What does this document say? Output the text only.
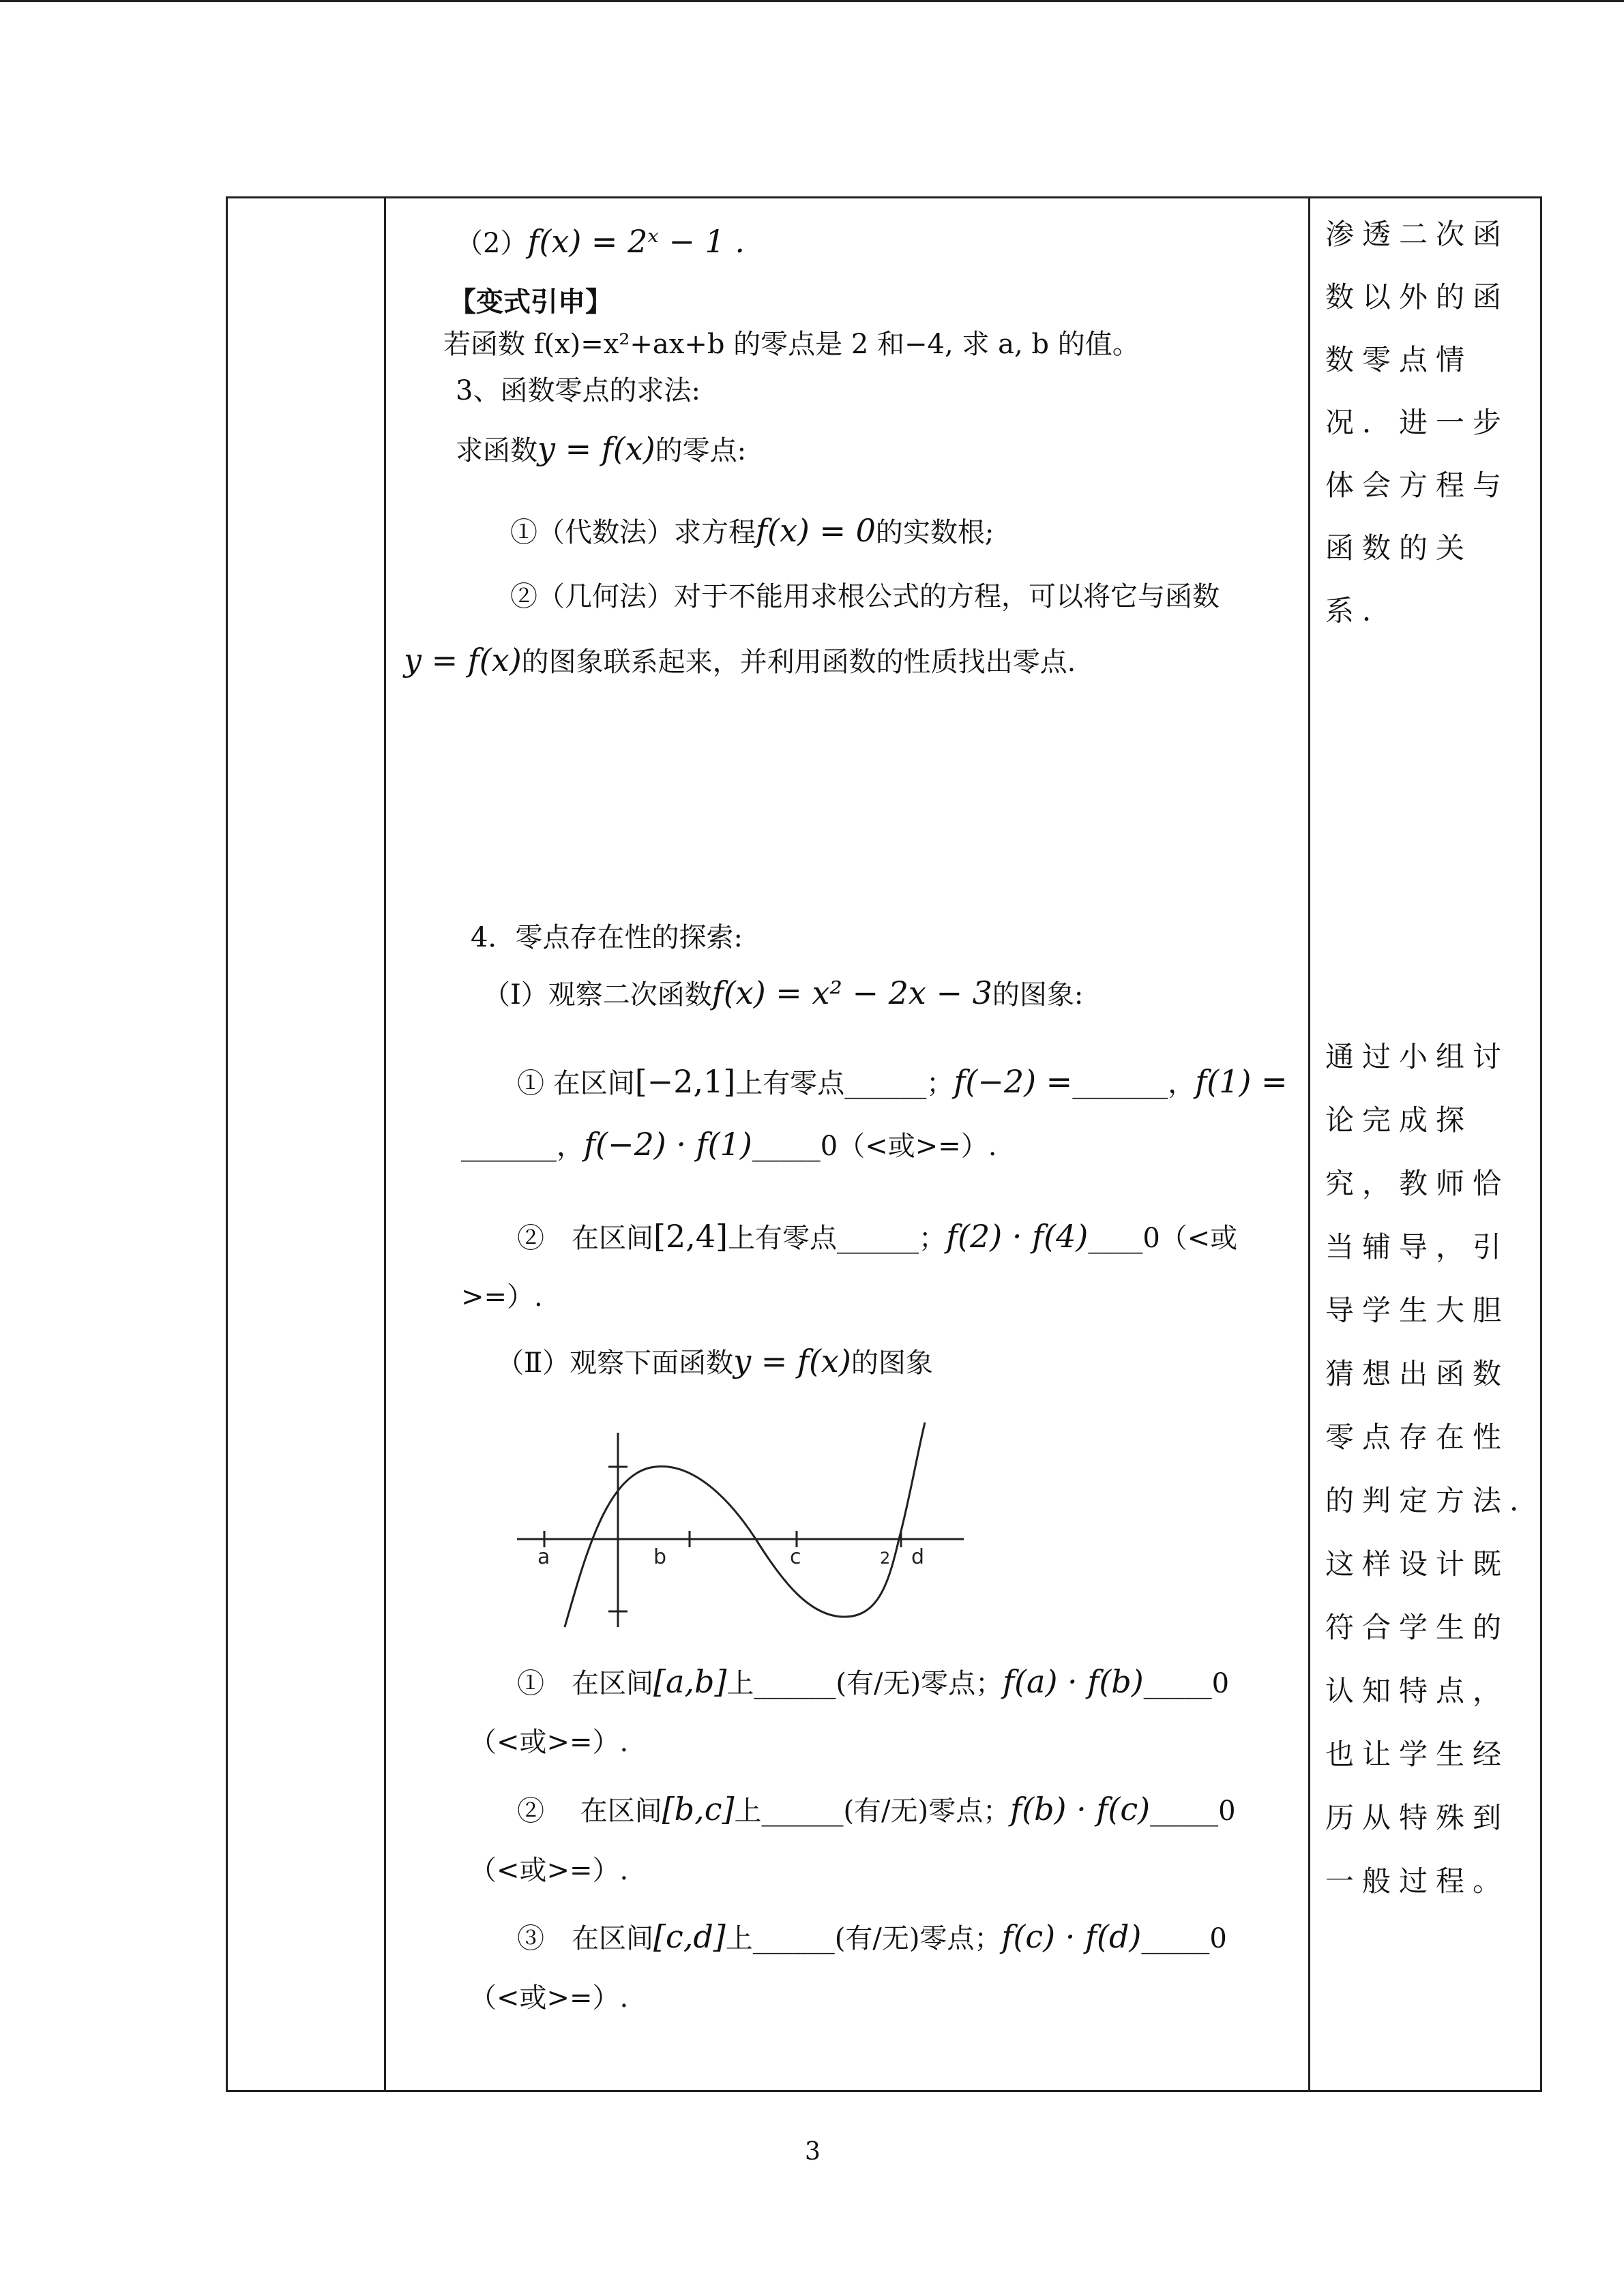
（2）f(x) = 2ˣ − 1 .
【变式引申】
若函数 f(x)=x²+ax+b 的零点是 2 和−4, 求 a, b 的值。
3、函数零点的求法:
求函数y = f(x)的零点:
①（代数法）求方程f(x) = 0的实数根;
②（几何法）对于不能用求根公式的方程，可以将它与函数
y = f(x)的图象联系起来，并利用函数的性质找出零点.
4．零点存在性的探索:
（Ⅰ）观察二次函数f(x) = x² − 2x − 3的图象:
① 在区间[−2,1]上有零点______；f(−2) =_______，f(1) =
_______，f(−2) · f(1)_____0（<或>=）.
②　在区间[2,4]上有零点______；f(2) · f(4)____0（<或
>=）.
（Ⅱ）观察下面函数y = f(x)的图象
a	b	c	2 d
①　在区间[a,b]上______(有/无)零点；f(a) · f(b)_____0
（<或>=）.
②　 在区间[b,c]上______(有/无)零点；f(b) · f(c)_____0
（<或>=）.
③　在区间[c,d]上______(有/无)零点；f(c) · f(d)_____0
（<或>=）.
渗透二次函
数以外的函
数零点情
况．进一步
体会方程与
函数的关
系．
通过小组讨
论完成探
究，教师恰
当辅导，引
导学生大胆
猜想出函数
零点存在性
的判定方法.
这样设计既
符合学生的
认知特点，
也让学生经
历从特殊到
一般过程。
3
